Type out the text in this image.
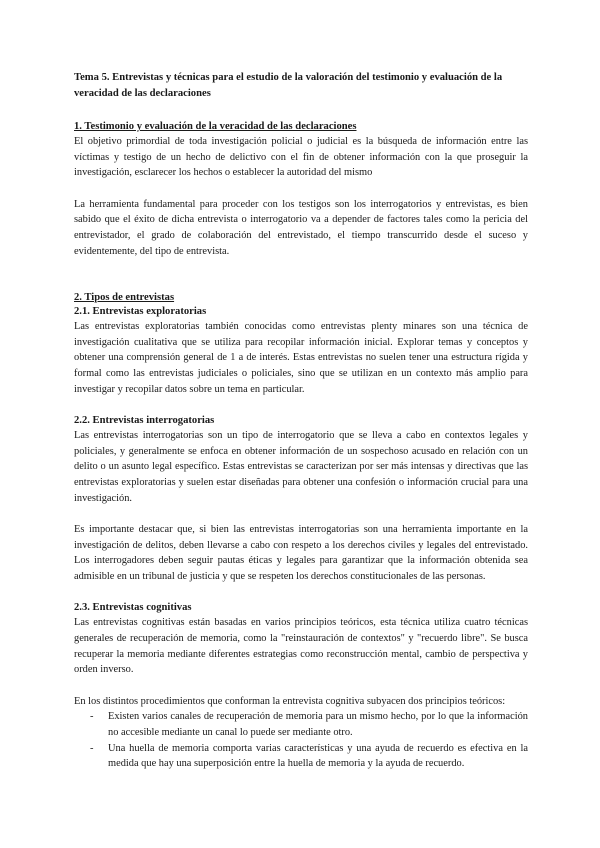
Tema 5. Entrevistas y técnicas para el estudio de la valoración del testimonio y evaluación de la veracidad de las declaraciones
1. Testimonio y evaluación de la veracidad de las declaraciones

El objetivo primordial de toda investigación policial o judicial es la búsqueda de información entre las víctimas y testigo de un hecho de delictivo con el fin de obtener información con la que proseguir la investigación, esclarecer los hechos o establecer la autoridad del mismo

La herramienta fundamental para proceder con los testigos son los interrogatorios y entrevistas, es bien sabido que el éxito de dicha entrevista o interrogatorio va a depender de factores tales como la pericia del entrevistador, el grado de colaboración del entrevistado, el tiempo transcurrido desde el suceso y evidentemente, del tipo de entrevista.

2. Tipos de entrevistas
2.1. Entrevistas exploratorias

Las entrevistas exploratorias también conocidas como entrevistas plenty minares son una técnica de investigación cualitativa que se utiliza para recopilar información inicial. Explorar temas y conceptos y obtener una comprensión general de 1 a de interés. Estas entrevistas no suelen tener una estructura rígida y formal como las entrevistas judiciales o policiales, sino que se utilizan en un contexto más amplio para investigar y recopilar datos sobre un tema en particular.

2.2. Entrevistas interrogatorias

Las entrevistas interrogatorias son un tipo de interrogatorio que se lleva a cabo en contextos legales y policiales, y generalmente se enfoca en obtener información de un sospechoso acusado en relación con un delito o un asunto legal específico. Estas entrevistas se caracterizan por ser más intensas y directivas que las entrevistas exploratorias y suelen estar diseñadas para obtener una confesión o información crucial para una investigación.

Es importante destacar que, si bien las entrevistas interrogatorias son una herramienta importante en la investigación de delitos, deben llevarse a cabo con respeto a los derechos civiles y legales del entrevistado. Los interrogadores deben seguir pautas éticas y legales para garantizar que la información obtenida sea admisible en un tribunal de justicia y que se respeten los derechos constitucionales de las personas.

2.3. Entrevistas cognitivas

Las entrevistas cognitivas están basadas en varios principios teóricos, esta técnica utiliza cuatro técnicas generales de recuperación de memoria, como la "reinstauración de contextos" y "recuerdo libre". Se busca recuperar la memoria mediante diferentes estrategias como reconstrucción mental, cambio de perspectiva y orden inverso.

En los distintos procedimientos que conforman la entrevista cognitiva subyacen dos principios teóricos:

- Existen varios canales de recuperación de memoria para un mismo hecho, por lo que la información no accesible mediante un canal lo puede ser mediante otro.
- Una huella de memoria comporta varias características y una ayuda de recuerdo es efectiva en la medida que hay una superposición entre la huella de memoria y la ayuda de recuerdo.
